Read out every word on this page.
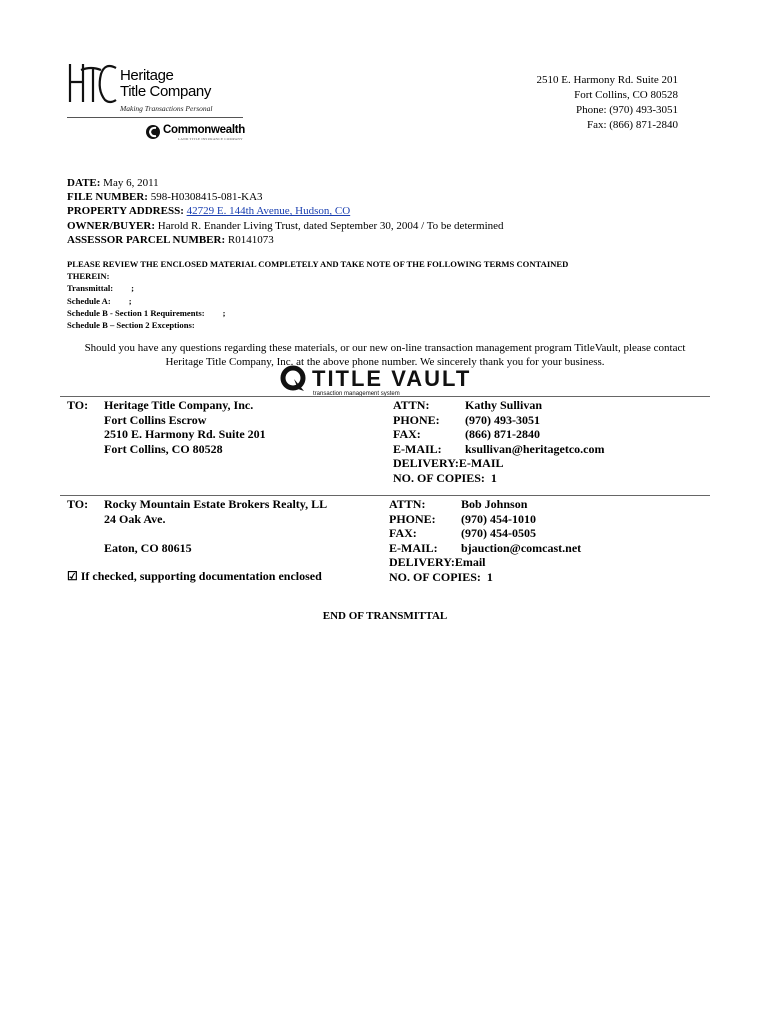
Heritage
Title Company
Making Transactions Personal
Commonwealth
LAND TITLE INSURANCE COMPANY
2510 E. Harmony Rd. Suite 201
Fort Collins, CO 80528
Phone: (970) 493-3051
Fax: (866) 871-2840
DATE: May 6, 2011
FILE NUMBER: 598-H0308415-081-KA3
PROPERTY ADDRESS: 42729 E. 144th Avenue, Hudson, CO
OWNER/BUYER: Harold R. Enander Living Trust, dated September 30, 2004 / To be determined
ASSESSOR PARCEL NUMBER: R0141073
PLEASE REVIEW THE ENCLOSED MATERIAL COMPLETELY AND TAKE NOTE OF THE FOLLOWING TERMS CONTAINED
THEREIN:
Transmittal: ;
Schedule A: ;
Schedule B - Section 1 Requirements: ;
Schedule B – Section 2 Exceptions:
Should you have any questions regarding these materials, or our new on-line transaction management program TitleVault, please contact
Heritage Title Company, Inc. at the above phone number. We sincerely thank you for your business.
TITLE VAULT
transaction management system
TO: Heritage Title Company, Inc.
Fort Collins Escrow
2510 E. Harmony Rd. Suite 201
Fort Collins, CO 80528
ATTN:	Kathy Sullivan
PHONE: (970) 493-3051
FAX:	(866) 871-2840
E-MAIL: ksullivan@heritagetco.com
DELIVERY:E-MAIL
NO. OF COPIES: 1
TO: Rocky Mountain Estate Brokers Realty, LL
24 Oak Ave.

Eaton, CO 80615
☑ If checked, supporting documentation enclosed
ATTN:	Bob Johnson
PHONE: (970) 454-1010
FAX:	(970) 454-0505
E-MAIL: bjauction@comcast.net
DELIVERY:Email
NO. OF COPIES: 1
END OF TRANSMITTAL
